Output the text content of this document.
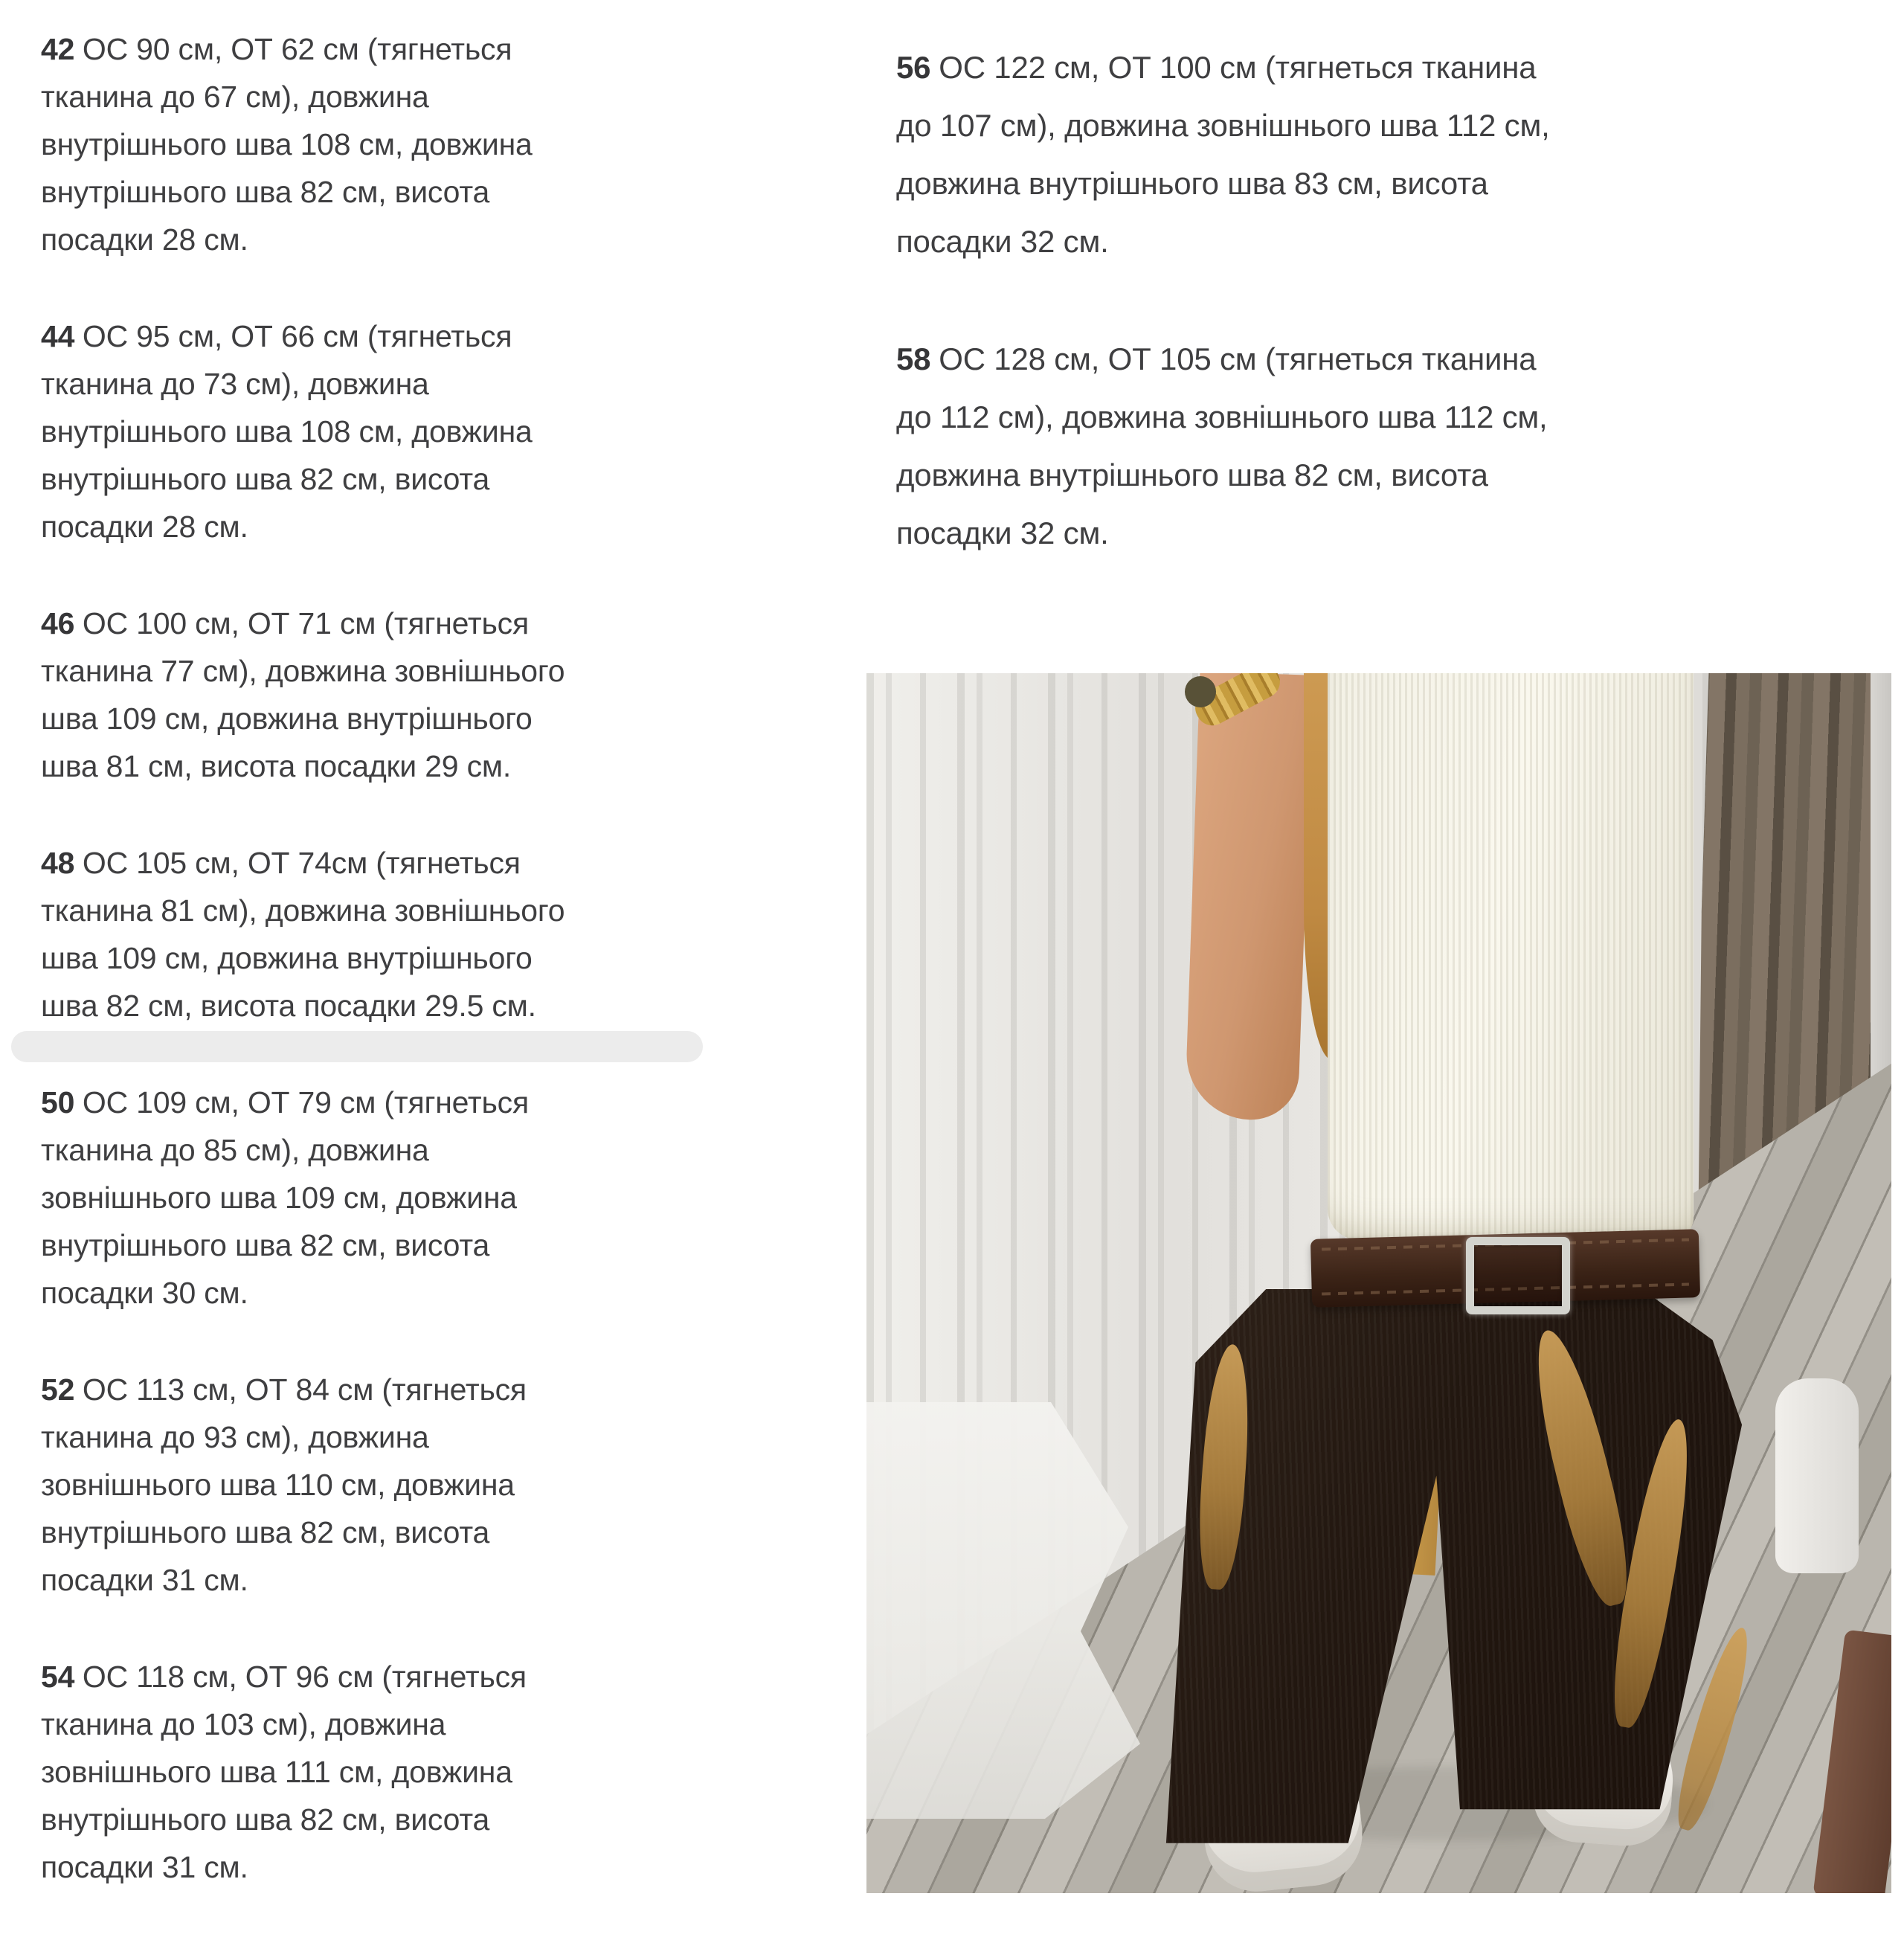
42 ОС 90 см, ОТ 62 см (тягнеться тканина до 67 см), довжина внутрішнього шва 108 см, довжина внутрішнього шва 82 см, висота посадки 28 см.

44 ОС 95 см, ОТ 66 см (тягнеться тканина до 73 см), довжина внутрішнього шва 108 см, довжина внутрішнього шва 82 см, висота посадки 28 см.

46 ОС 100 см, ОТ 71 см (тягнеться тканина 77 см), довжина зовнішнього шва 109 см, довжина внутрішнього шва 81 см, висота посадки 29 см.

48 ОС 105 см, ОТ 74см (тягнеться тканина 81 см), довжина зовнішнього шва 109 см, довжина внутрішнього шва 82 см, висота посадки 29.5 см.

50 ОС 109 см, ОТ 79 см (тягнеться тканина до 85 см), довжина зовнішнього шва 109 см, довжина внутрішнього шва 82 см, висота посадки 30 см.

52 ОС 113 см, ОТ 84 см (тягнеться тканина до 93 см), довжина зовнішнього шва 110 см, довжина внутрішнього шва 82 см, висота посадки 31 см.

54 ОС 118 см, ОТ 96 см (тягнеться тканина до 103 см), довжина зовнішнього шва 111 см, довжина внутрішнього шва 82 см, висота посадки 31 см.

56 ОС 122 см, ОТ 100 см (тягнеться тканина до 107 см), довжина зовнішнього шва 112 см, довжина внутрішнього шва 83 см, висота посадки 32 см.

58 ОС 128 см, ОТ 105 см (тягнеться тканина до 112 см), довжина зовнішнього шва 112 см, довжина внутрішнього шва 82 см, висота посадки 32 см.
